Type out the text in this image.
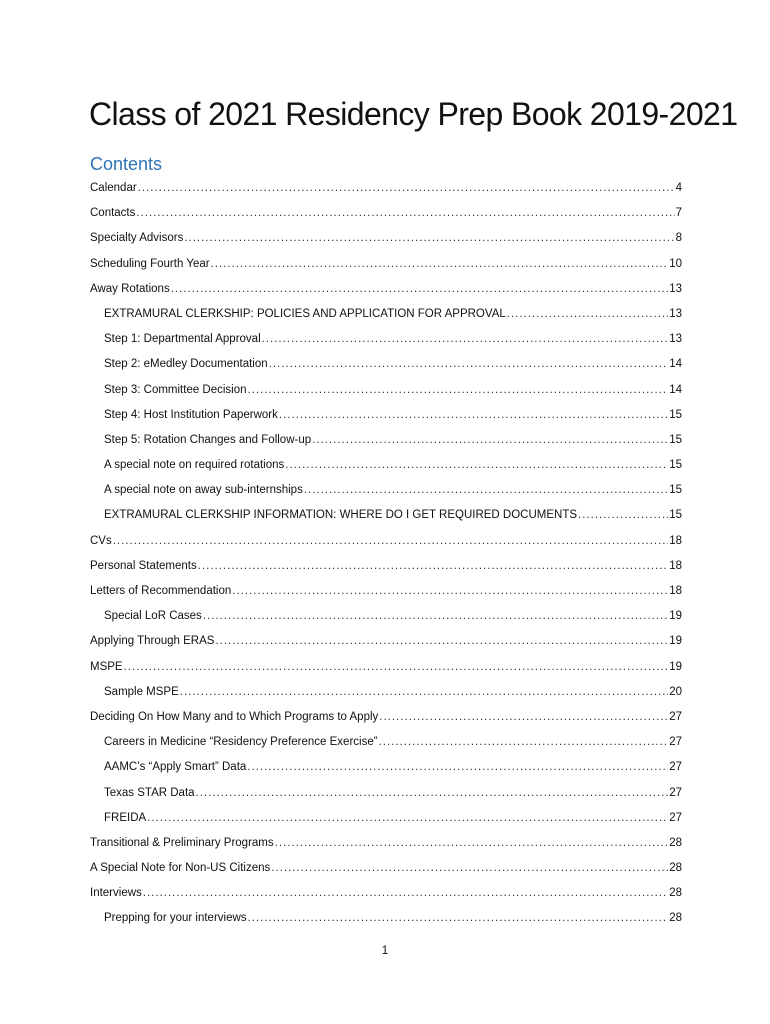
Class of 2021 Residency Prep Book 2019-2021
Contents
Calendar .....	4
Contacts .....	7
Specialty Advisors .....	8
Scheduling Fourth Year .....	10
Away Rotations .....	13
EXTRAMURAL CLERKSHIP: POLICIES AND APPLICATION FOR APPROVAL .....	13
Step 1: Departmental Approval .....	13
Step 2: eMedley Documentation .....	14
Step 3: Committee Decision .....	14
Step 4: Host Institution Paperwork .....	15
Step 5: Rotation Changes and Follow-up .....	15
A special note on required rotations .....	15
A special note on away sub-internships .....	15
EXTRAMURAL CLERKSHIP INFORMATION: WHERE DO I GET REQUIRED DOCUMENTS .....	15
CVs .....	18
Personal Statements .....	18
Letters of Recommendation .....	18
Special LoR Cases .....	19
Applying Through ERAS .....	19
MSPE .....	19
Sample MSPE .....	20
Deciding On How Many and to Which Programs to Apply .....	27
Careers in Medicine “Residency Preference Exercise” .....	27
AAMC’s “Apply Smart” Data .....	27
Texas STAR Data .....	27
FREIDA .....	27
Transitional & Preliminary Programs .....	28
A Special Note for Non-US Citizens .....	28
Interviews .....	28
Prepping for your interviews .....	28
1
